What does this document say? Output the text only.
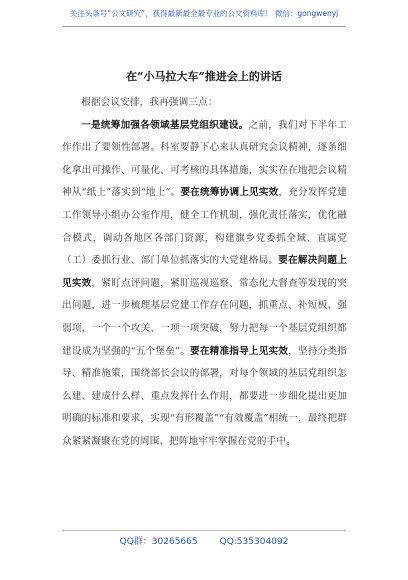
关注头条号“公文研究”，获得最新最全最专业的公文资料库！ 微信：gongwenyj
在“小马拉大车”推进会上的讲话

根据会议安排，我再强调三点：

一是统筹加强各领域基层党组织建设。之前，我们对下半年工作作出了要领性部署。科室要静下心来认真研究会议精神，逐条细化拿出可操作、可量化、可考核的具体措施，实实在在地把会议精神从“纸上”落实到“地上”。要在统筹协调上见实效，充分发挥党建工作领导小组办公室作用，健全工作机制，强化责任落实，优化融合模式，调动各地区各部门资源，构建旗乡党委抓全域、直属党（工）委抓行业、部门单位抓落实的大党建格局。要在解决问题上见实效，紧盯点评问题，紧盯巡视巡察、常态化大督查等发现的突出问题，进一步梳理基层党建工作存在问题，抓重点、补短板、强弱项，一个一个攻关、一项一项突破，努力把每一个基层党组织都建设成为坚强的“五个堡垒”。要在精准指导上见实效，坚持分类指导、精准施策，围绕部长会议的部署，对每个领域的基层党组织怎么建、建成什么样、重点发挥什么作用，都要进一步细化提出更加明确的标准和要求，实现“有形覆盖”“有效覆盖”相统一，最终把群众紧紧凝聚在党的周围、把阵地牢牢掌握在党的手中。

QQ群：30265665 QQ:535304092
